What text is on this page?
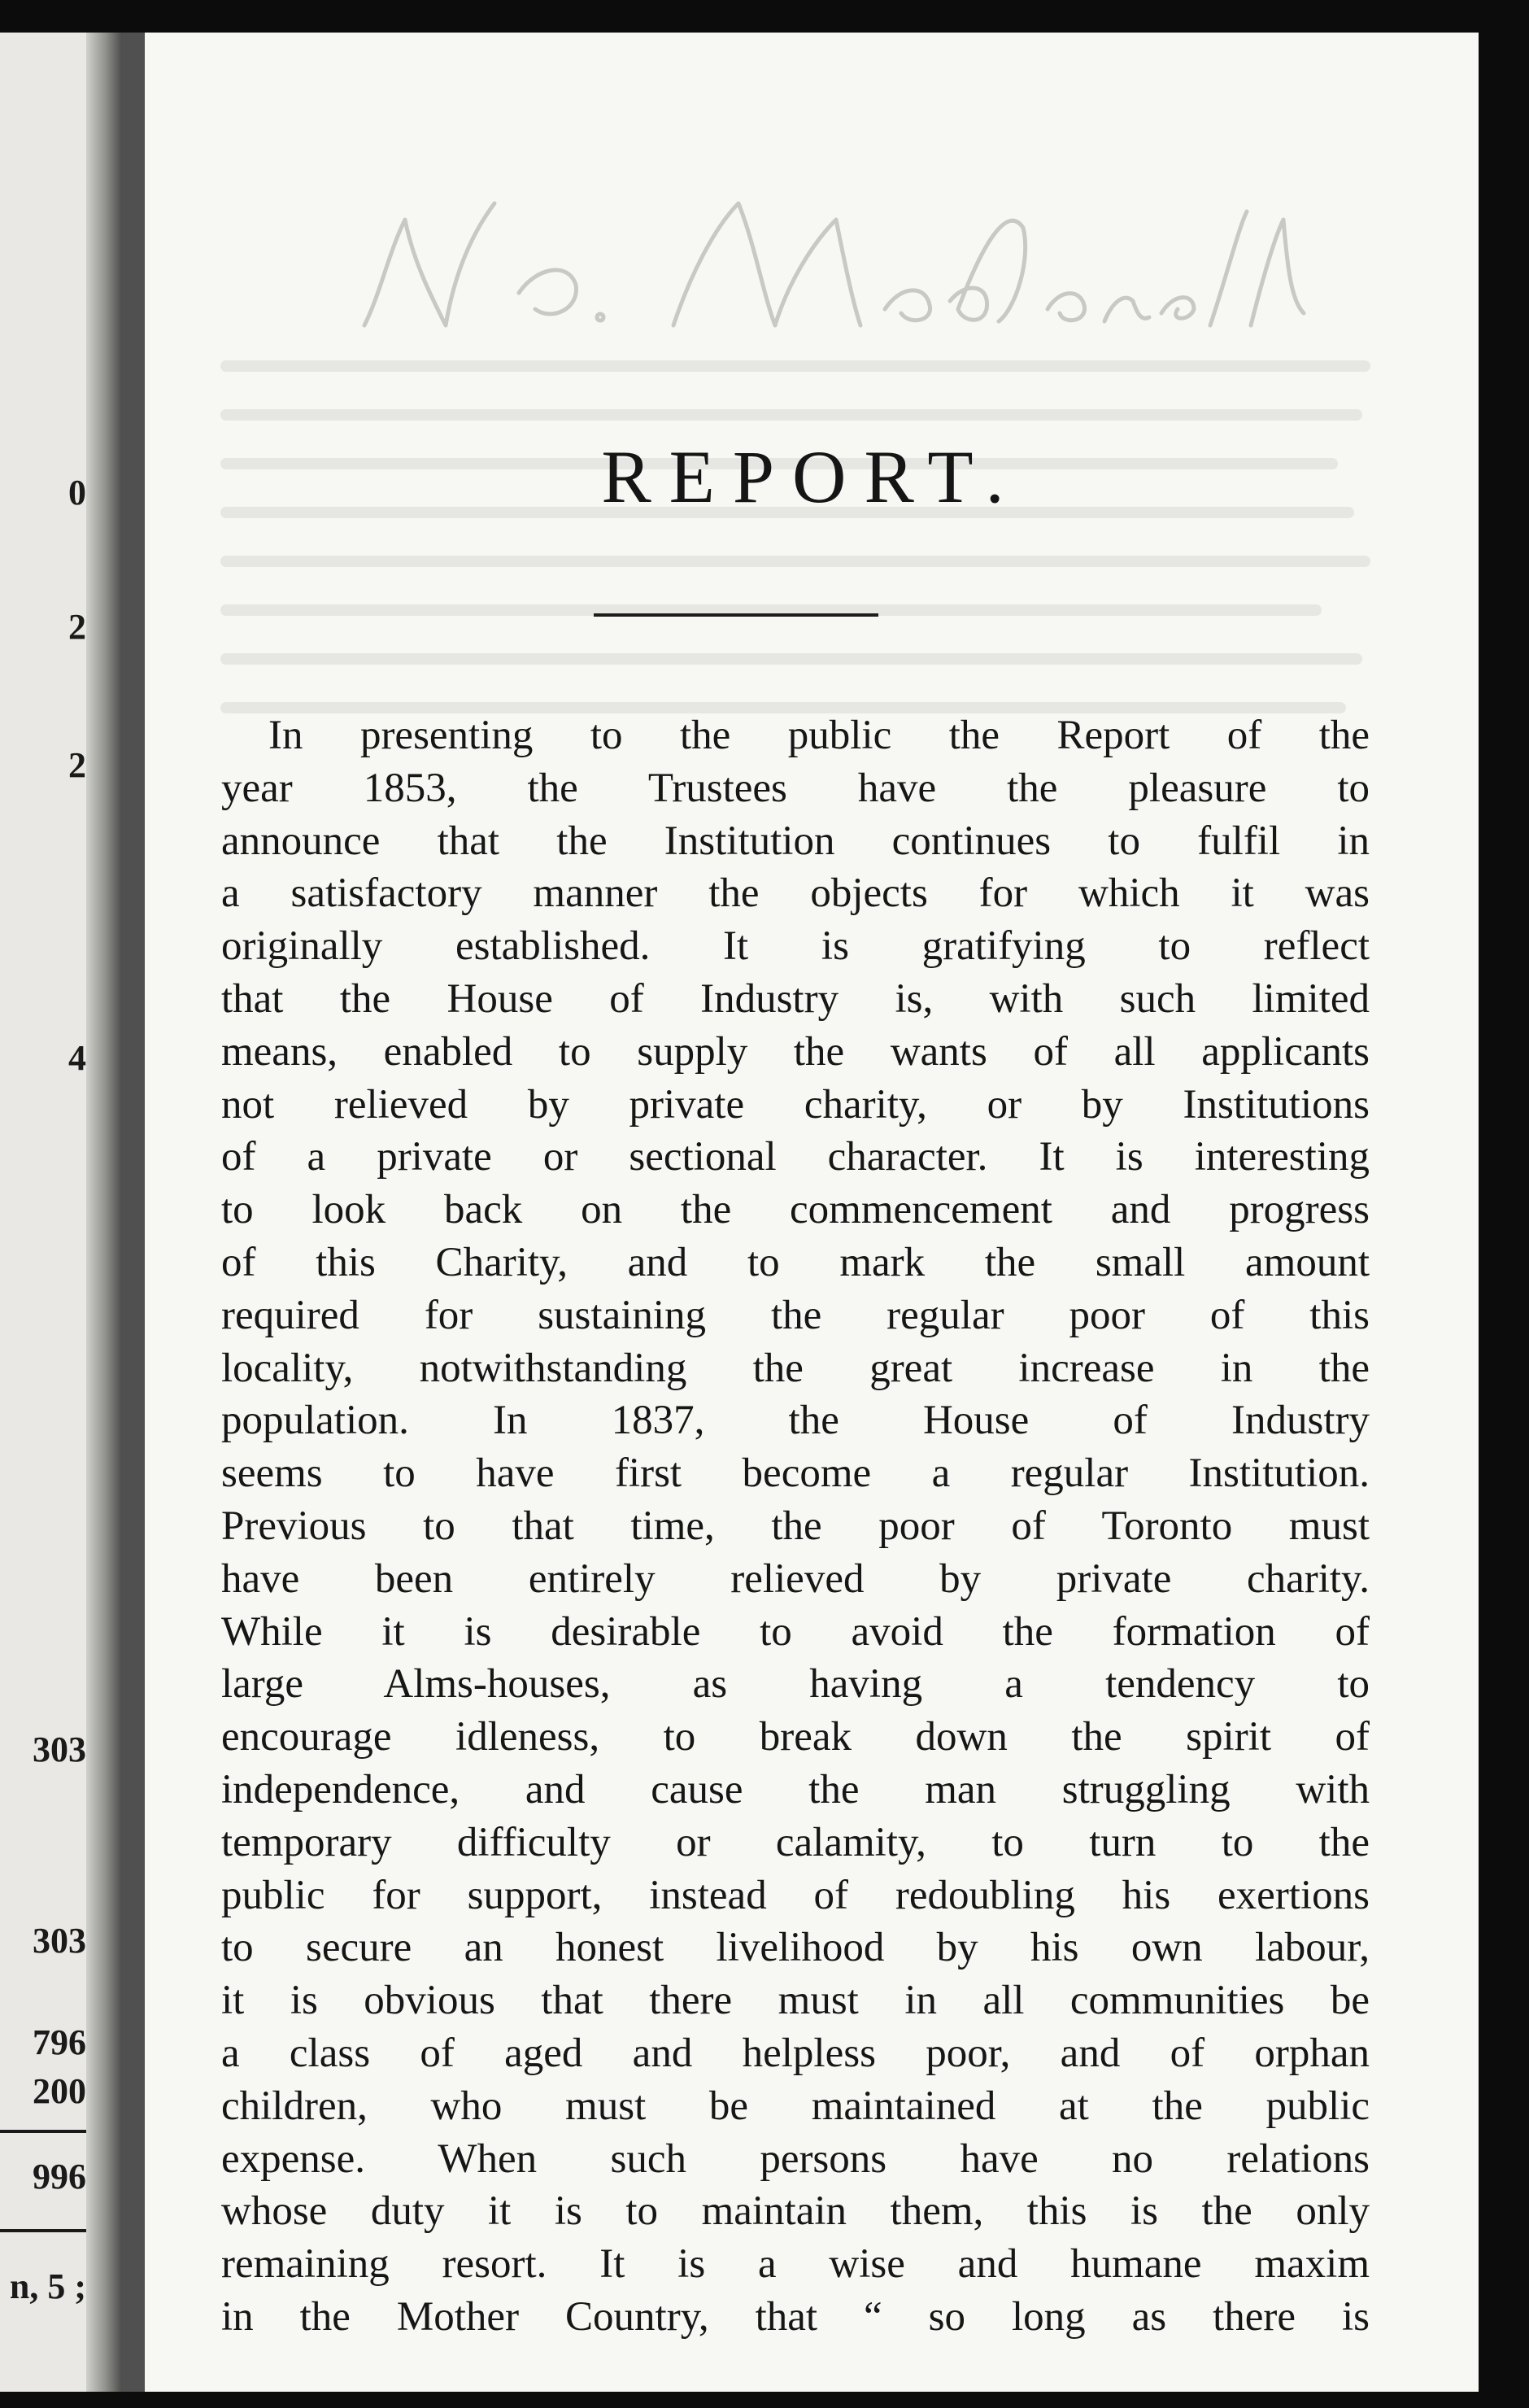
0
2
2
4
303
303
796
200
996
n, 5 ;
REPORT.
In presenting to the public the Report of the
year 1853, the Trustees have the pleasure to
announce that the Institution continues to fulfil in
a satisfactory manner the objects for which it was
originally established. It is gratifying to reflect
that the House of Industry is, with such limited
means, enabled to supply the wants of all applicants
not relieved by private charity, or by Institutions
of a private or sectional character. It is interesting
to look back on the commencement and progress
of this Charity, and to mark the small amount
required for sustaining the regular poor of this
locality, notwithstanding the great increase in the
population. In 1837, the House of Industry
seems to have first become a regular Institution.
Previous to that time, the poor of Toronto must
have been entirely relieved by private charity.
While it is desirable to avoid the formation of
large Alms-houses, as having a tendency to
encourage idleness, to break down the spirit of
independence, and cause the man struggling with
temporary difficulty or calamity, to turn to the
public for support, instead of redoubling his exertions
to secure an honest livelihood by his own labour,
it is obvious that there must in all communities be
a class of aged and helpless poor, and of orphan
children, who must be maintained at the public
expense. When such persons have no relations
whose duty it is to maintain them, this is the only
remaining resort. It is a wise and humane maxim
in the Mother Country, that “ so long as there is
